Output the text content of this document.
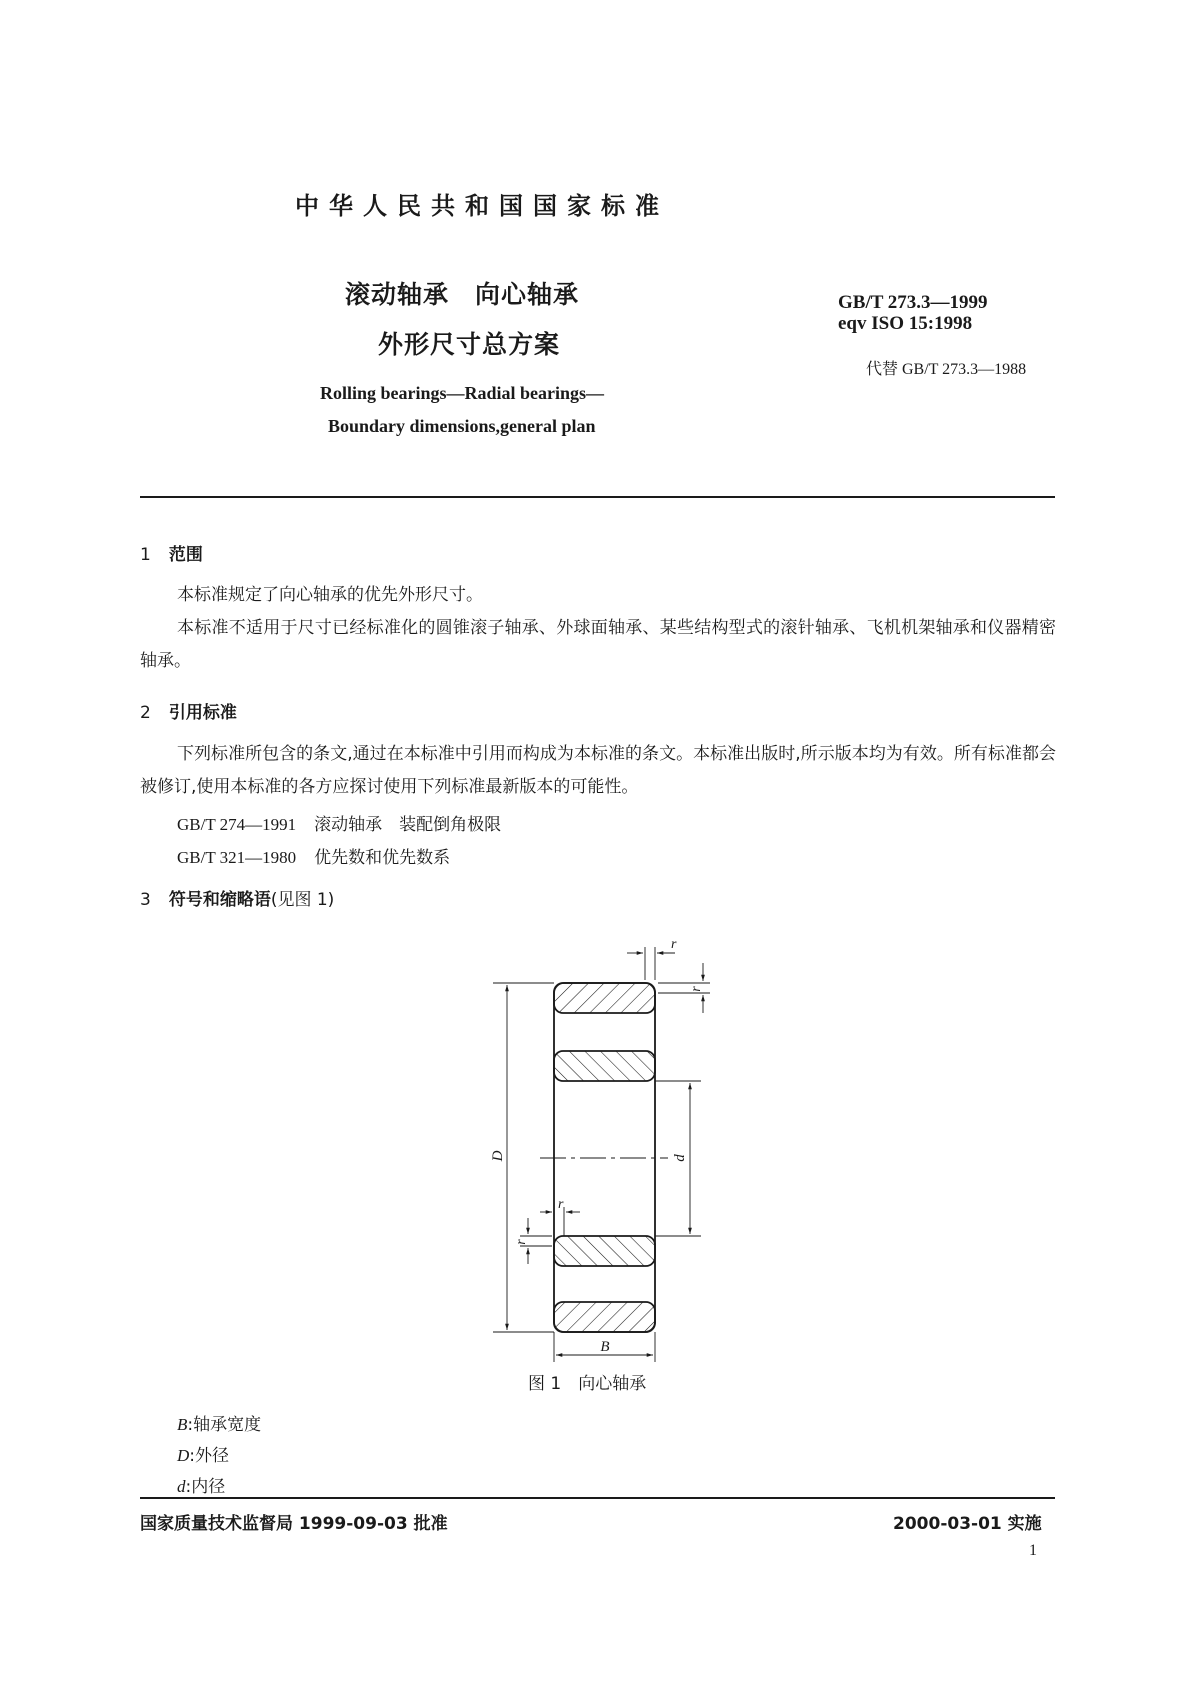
中华人民共和国国家标准
滚动轴承　向心轴承
外形尺寸总方案
GB/T 273.3—1999
eqv ISO 15:1998
代替 GB/T 273.3—1988
Rolling bearings—Radial bearings—
Boundary dimensions,general plan
1 范围
本标准规定了向心轴承的优先外形尺寸。
本标准不适用于尺寸已经标准化的圆锥滚子轴承、外球面轴承、某些结构型式的滚针轴承、飞机机架轴承和仪器精密轴承。
2 引用标准
下列标准所包含的条文,通过在本标准中引用而构成为本标准的条文。本标准出版时,所示版本均为有效。所有标准都会被修订,使用本标准的各方应探讨使用下列标准最新版本的可能性。
GB/T 274—1991 滚动轴承　装配倒角极限
GB/T 321—1980 优先数和优先数系
3 符号和缩略语(见图 1)
D	d
B
r
r
r
r
图 1　向心轴承
B:轴承宽度
D:外径
d:内径
国家质量技术监督局 1999-09-03 批准	2000-03-01 实施
1
